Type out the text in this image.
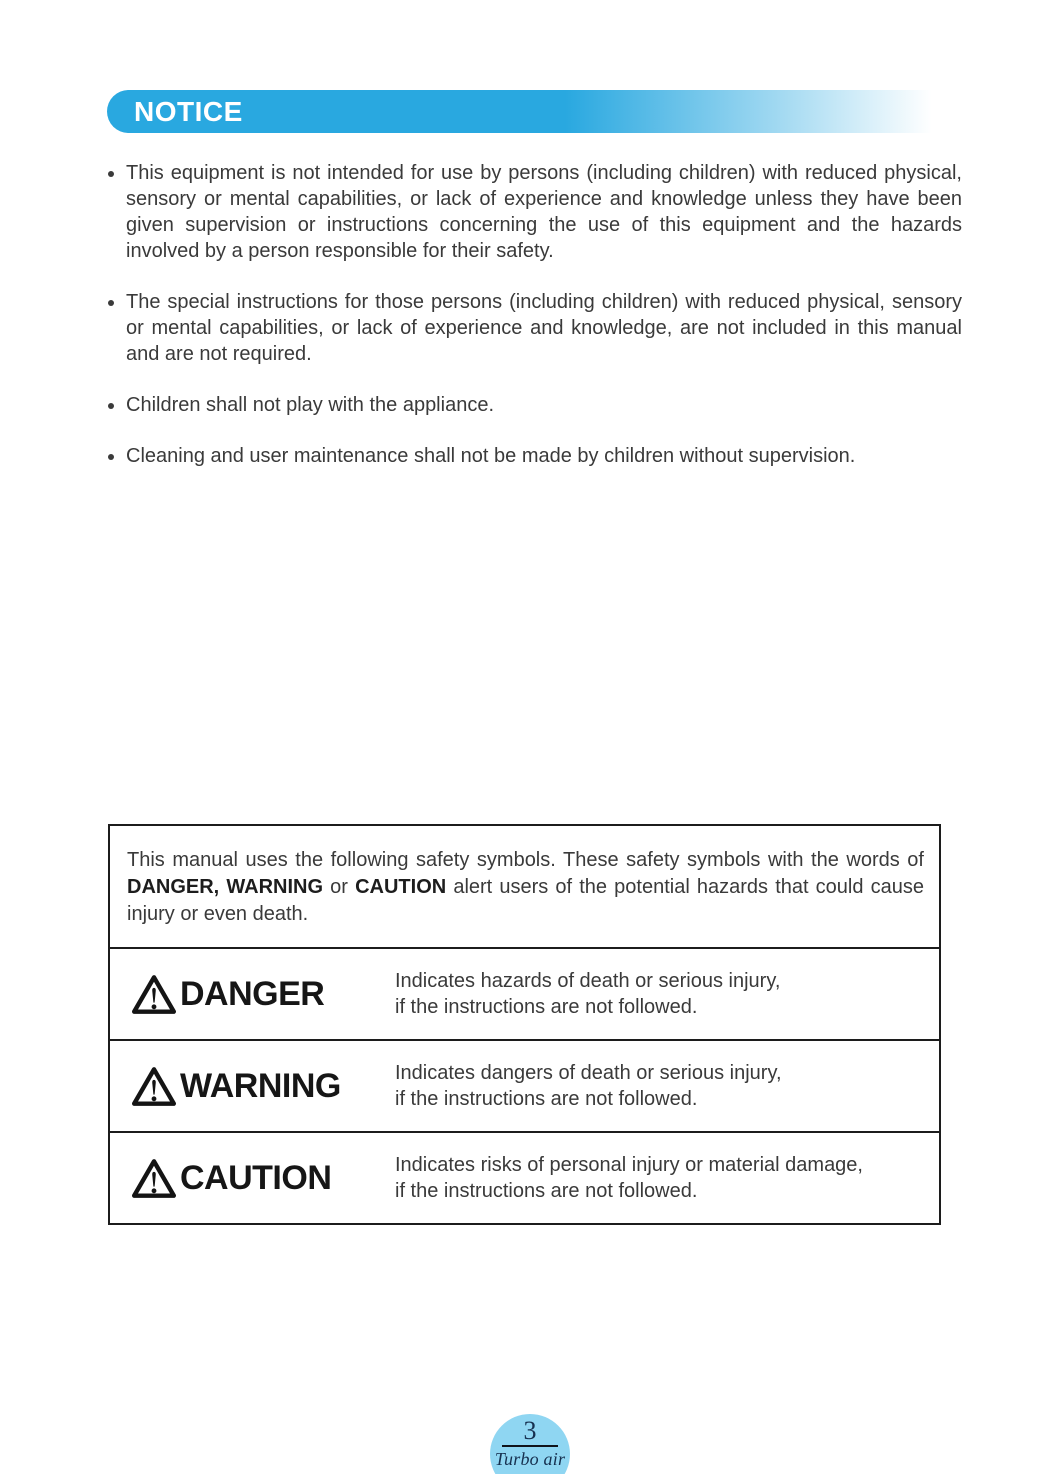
NOTICE
• This equipment is not intended for use by persons (including children) with reduced physical, sensory or mental capabilities, or lack of experience and knowledge unless they have been given supervision or instructions concerning the use of this equipment and the hazards involved by a person responsible for their safety.
• The special instructions for those persons (including children) with reduced physical, sensory or mental capabilities, or lack of experience and knowledge, are not included in this manual and are not required.
• Children shall not play with the appliance.
• Cleaning and user maintenance shall not be made by children without supervision.
This manual uses the following safety symbols. These safety symbols with the words of DANGER, WARNING or CAUTION alert users of the potential hazards that could cause injury or even death.
DANGER	Indicates hazards of death or serious injury,
if the instructions are not followed.
WARNING	Indicates dangers of death or serious injury,
if the instructions are not followed.
CAUTION	Indicates risks of personal injury or material damage,
if the instructions are not followed.
3
Turbo air
